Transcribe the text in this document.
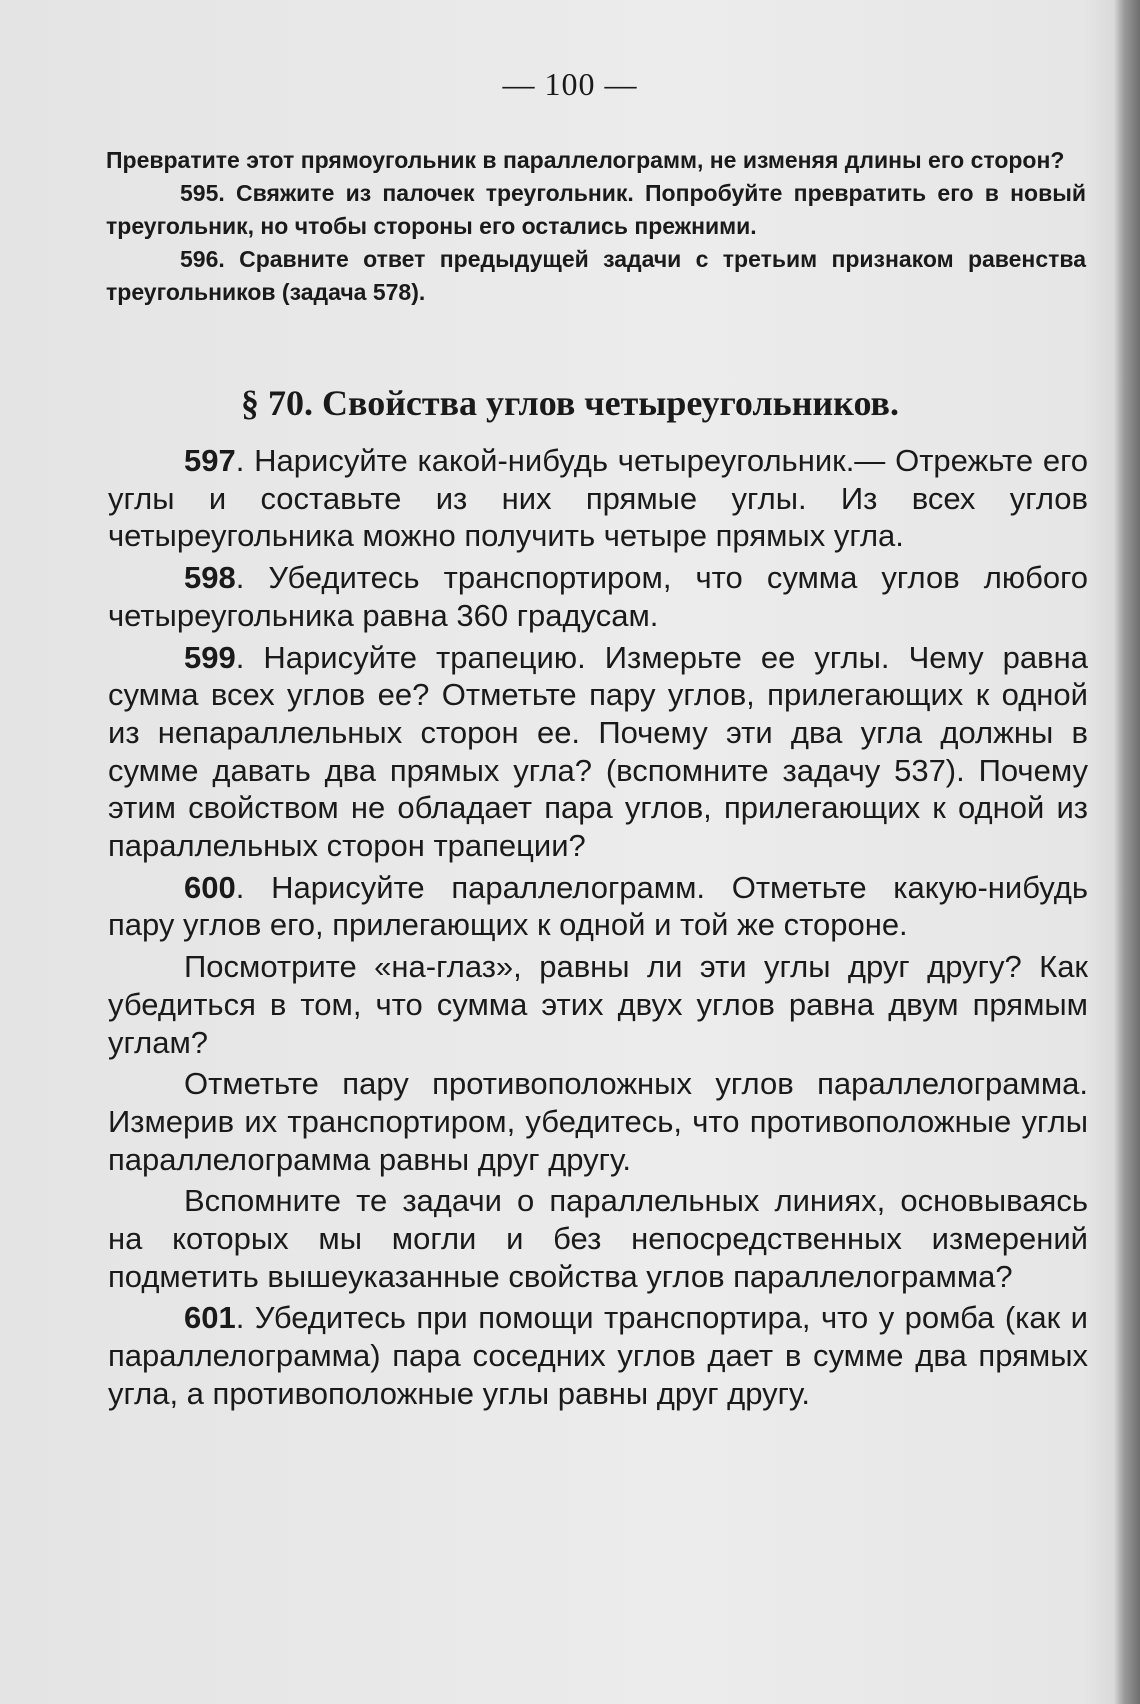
— 100 —

Превратите этот прямоугольник в параллелограмм, не изменяя длины его сторон?

595. Свяжите из палочек треугольник. Попробуйте превратить его в новый треугольник, но чтобы стороны его остались прежними.

596. Сравните ответ предыдущей задачи с третьим признаком равенства треугольников (задача 578).

§ 70. Свойства углов четыреугольников.

597. Нарисуйте какой-нибудь четыреугольник.— Отрежьте его углы и составьте из них прямые углы. Из всех углов четыреугольника можно получить четыре прямых угла.

598. Убедитесь транспортиром, что сумма углов любого четыреугольника равна 360 градусам.

599. Нарисуйте трапецию. Измерьте ее углы. Чему равна сумма всех углов ее? Отметьте пару углов, прилегающих к одной из непараллельных сторон ее. Почему эти два угла должны в сумме давать два прямых угла? (вспомните задачу 537). Почему этим свойством не обладает пара углов, прилегающих к одной из параллельных сторон трапеции?

600. Нарисуйте параллелограмм. Отметьте какую-нибудь пару углов его, прилегающих к одной и той же стороне.

Посмотрите «на-глаз», равны ли эти углы друг другу? Как убедиться в том, что сумма этих двух углов равна двум прямым углам?

Отметьте пару противоположных углов параллелограмма. Измерив их транспортиром, убедитесь, что противоположные углы параллелограмма равны друг другу.

Вспомните те задачи о параллельных линиях, основываясь на которых мы могли и без непосредственных измерений подметить вышеуказанные свойства углов параллелограмма?

601. Убедитесь при помощи транспортира, что у ромба (как и параллелограмма) пара соседних углов дает в сумме два прямых угла, а противоположные углы равны друг другу.
